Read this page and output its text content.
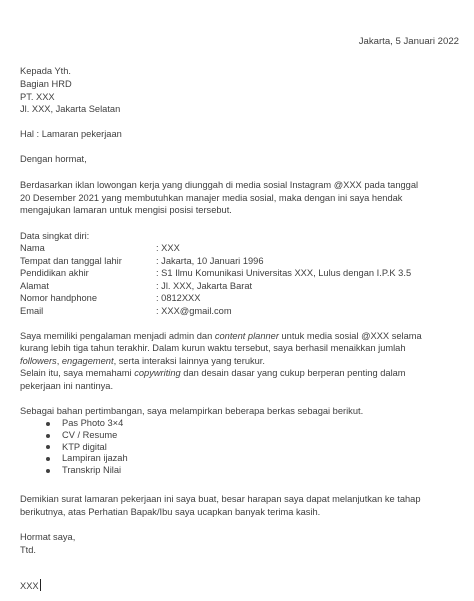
Jakarta, 5 Januari 2022
Kepada Yth.
Bagian HRD
PT. XXX
Jl. XXX, Jakarta Selatan
Hal : Lamaran pekerjaan
Dengan hormat,
Berdasarkan iklan lowongan kerja yang diunggah di media sosial Instagram @XXX pada tanggal
20 Desember 2021 yang membutuhkan manajer media sosial, maka dengan ini saya hendak
mengajukan lamaran untuk mengisi posisi tersebut.
Data singkat diri:
Nama	: XXX
Tempat dan tanggal lahir	: Jakarta, 10 Januari 1996
Pendidikan akhir	: S1 Ilmu Komunikasi Universitas XXX, Lulus dengan I.P.K 3.5
Alamat	: Jl. XXX, Jakarta Barat
Nomor handphone	: 0812XXX
Email	: XXX@gmail.com
Saya memiliki pengalaman menjadi admin dan content planner untuk media sosial @XXX selama
kurang lebih tiga tahun terakhir. Dalam kurun waktu tersebut, saya berhasil menaikkan jumlah
followers, engagement, serta interaksi lainnya yang terukur.
Selain itu, saya memahami copywriting dan desain dasar yang cukup berperan penting dalam
pekerjaan ini nantinya.
Sebagai bahan pertimbangan, saya melampirkan beberapa berkas sebagai berikut.
Pas Photo 3×4
CV / Resume
KTP digital
Lampiran ijazah
Transkrip Nilai
Demikian surat lamaran pekerjaan ini saya buat, besar harapan saya dapat melanjutkan ke tahap
berikutnya, atas Perhatian Bapak/Ibu saya ucapkan banyak terima kasih.
Hormat saya,
Ttd.
XXX
